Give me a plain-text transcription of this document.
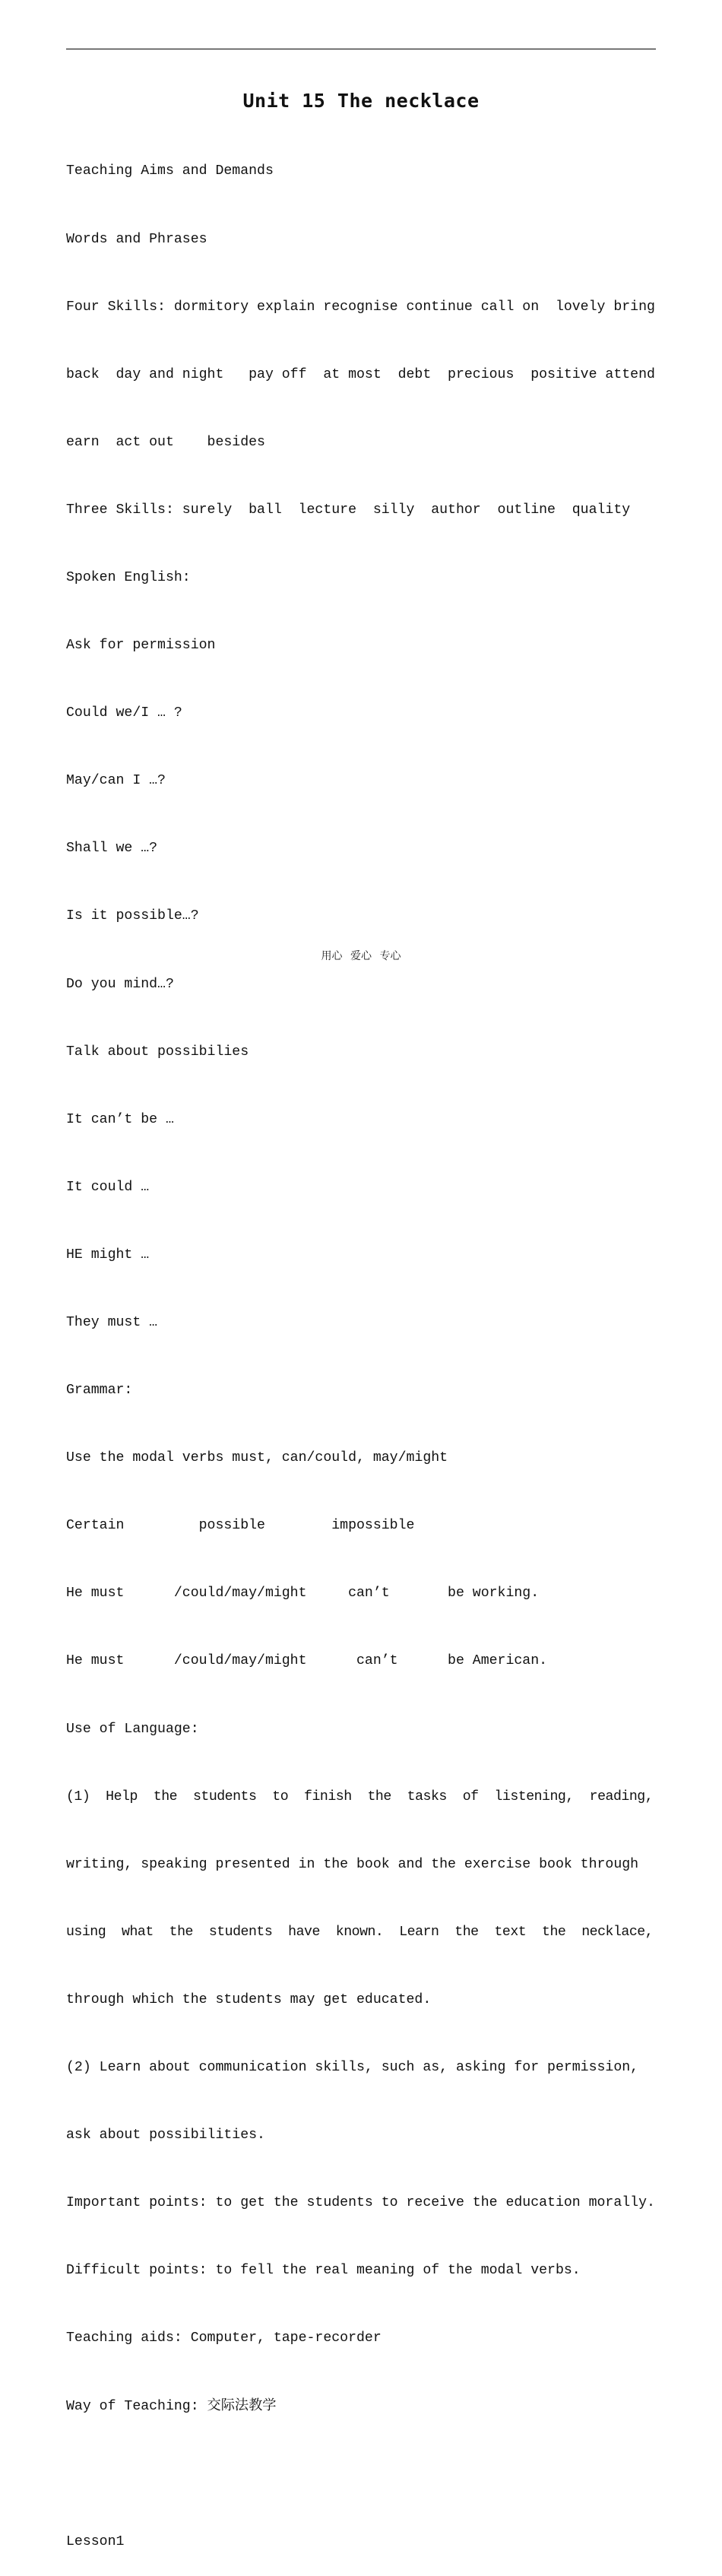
Unit 15 The necklace

Teaching Aims and Demands

Words and Phrases

Four Skills: dormitory explain recognise continue call on  lovely bring

back  day and night   pay off  at most  debt  precious  positive attend

earn  act out    besides

Three Skills: surely  ball  lecture  silly  author  outline  quality

Spoken English:

Ask for permission

Could we/I … ?

May/can I …?

Shall we …?

Is it possible…?

Do you mind…?

Talk about possibilies

It can’t be …

It could …

HE might …

They must …

Grammar:

Use the modal verbs must, can/could, may/might

Certain         possible        impossible

He must      /could/may/might     can’t       be working.

He must      /could/may/might      can’t      be American.

Use of Language:

(1)  Help  the  students  to  finish  the  tasks  of  listening,  reading,

writing, speaking presented in the book and the exercise book through

using  what  the  students  have  known.  Learn  the  text  the  necklace,

through which the students may get educated.

(2) Learn about communication skills, such as, asking for permission,

ask about possibilities.

Important points: to get the students to receive the education morally.

Difficult points: to fell the real meaning of the modal verbs.

Teaching aids: Computer, tape-recorder

Way of Teaching: 交际法教学

Lesson1

用心 爱心 专心
